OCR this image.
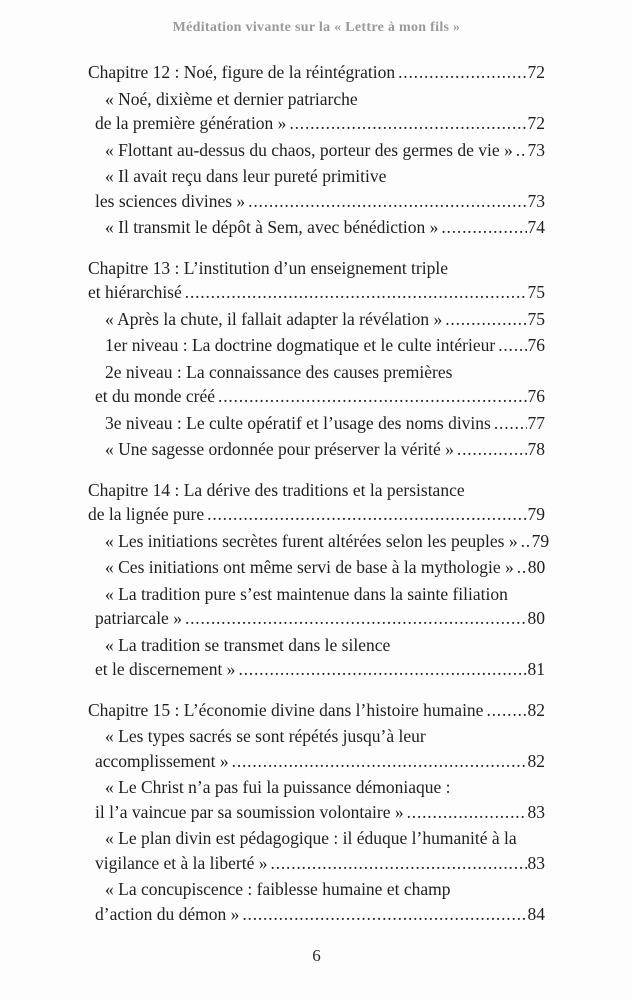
Méditation vivante sur la « Lettre à mon fils »
Chapitre 12 : Noé, figure de la réintégration .....	72
« Noé, dixième et dernier patriarche
de la première génération » .....	72
« Flottant au-dessus du chaos, porteur des germes de vie » ..... 73
« Il avait reçu dans leur pureté primitive
les sciences divines » .....	73
« Il transmit le dépôt à Sem, avec bénédiction » .....	74
Chapitre 13 : L’institution d’un enseignement triple
et hiérarchisé .....	75
« Après la chute, il fallait adapter la révélation » .....	75
1er niveau : La doctrine dogmatique et le culte intérieur ..... 76
2e niveau : La connaissance des causes premières
et du monde créé .....	76
3e niveau : Le culte opératif et l’usage des noms divins ..... 77
« Une sagesse ordonnée pour préserver la vérité » .....	78
Chapitre 14 : La dérive des traditions et la persistance
de la lignée pure .....	79
« Les initiations secrètes furent altérées selon les peuples » ..... 79
« Ces initiations ont même servi de base à la mythologie » ..... 80
« La tradition pure s’est maintenue dans la sainte filiation
patriarcale » .....	80
« La tradition se transmet dans le silence
et le discernement » .....	81
Chapitre 15 : L’économie divine dans l’histoire humaine .....	82
« Les types sacrés se sont répétés jusqu’à leur
accomplissement » .....	82
« Le Christ n’a pas fui la puissance démoniaque :
il l’a vaincue par sa soumission volontaire » .....	83
« Le plan divin est pédagogique : il éduque l’humanité à la
vigilance et à la liberté » .....	83
« La concupiscence : faiblesse humaine et champ
d’action du démon » .....	84
6
